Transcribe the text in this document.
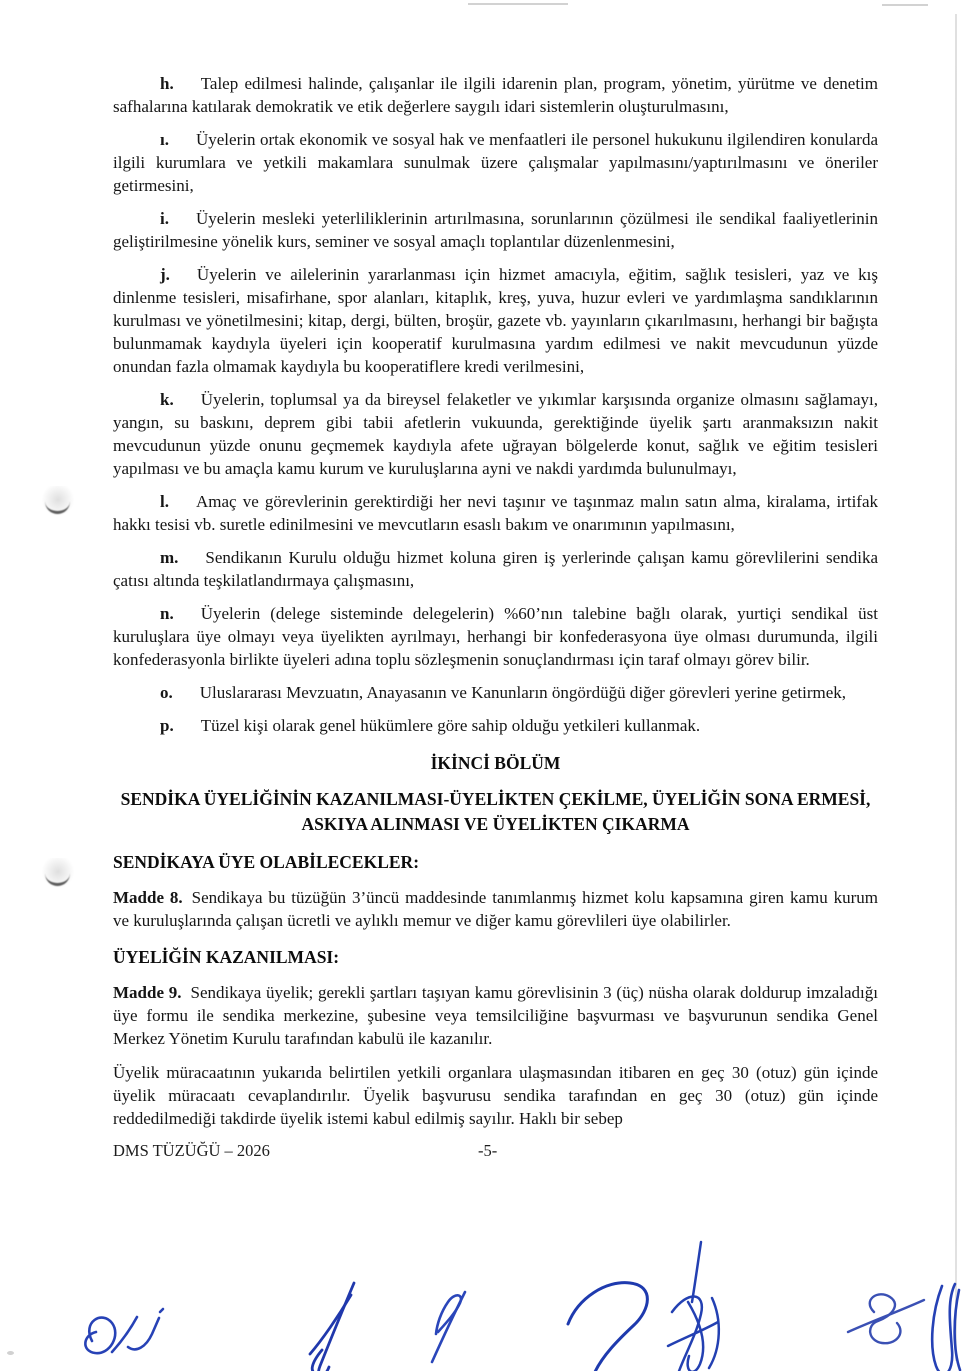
h. Talep edilmesi halinde, çalışanlar ile ilgili idarenin plan, program, yönetim, yürütme ve denetim safhalarına katılarak demokratik ve etik değerlere saygılı idari sistemlerin oluşturulmasını,

ı. Üyelerin ortak ekonomik ve sosyal hak ve menfaatleri ile personel hukukunu ilgilendiren konularda ilgili kurumlara ve yetkili makamlara sunulmak üzere çalışmalar yapılmasını/yaptırılmasını ve öneriler getirmesini,

i. Üyelerin mesleki yeterliliklerinin artırılmasına, sorunlarının çözülmesi ile sendikal faaliyetlerinin geliştirilmesine yönelik kurs, seminer ve sosyal amaçlı toplantılar düzenlenmesini,

j. Üyelerin ve ailelerinin yararlanması için hizmet amacıyla, eğitim, sağlık tesisleri, yaz ve kış dinlenme tesisleri, misafirhane, spor alanları, kitaplık, kreş, yuva, huzur evleri ve yardımlaşma sandıklarının kurulması ve yönetilmesini; kitap, dergi, bülten, broşür, gazete vb. yayınların çıkarılmasını, herhangi bir bağışta bulunmamak kaydıyla üyeleri için kooperatif kurulmasına yardım edilmesi ve nakit mevcudunun yüzde onundan fazla olmamak kaydıyla bu kooperatiflere kredi verilmesini,

k. Üyelerin, toplumsal ya da bireysel felaketler ve yıkımlar karşısında organize olmasını sağlamayı, yangın, su baskını, deprem gibi tabii afetlerin vukuunda, gerektiğinde üyelik şartı aranmaksızın nakit mevcudunun yüzde onunu geçmemek kaydıyla afete uğrayan bölgelerde konut, sağlık ve eğitim tesisleri yapılması ve bu amaçla kamu kurum ve kuruluşlarına ayni ve nakdi yardımda bulunulmayı,

l. Amaç ve görevlerinin gerektirdiği her nevi taşınır ve taşınmaz malın satın alma, kiralama, irtifak hakkı tesisi vb. suretle edinilmesini ve mevcutların esaslı bakım ve onarımının yapılmasını,

m. Sendikanın Kurulu olduğu hizmet koluna giren iş yerlerinde çalışan kamu görevlilerini sendika çatısı altında teşkilatlandırmaya çalışmasını,

n. Üyelerin (delege sisteminde delegelerin) %60’nın talebine bağlı olarak, yurtiçi sendikal üst kuruluşlara üye olmayı veya üyelikten ayrılmayı, herhangi bir konfederasyona üye olması durumunda, ilgili konfederasyonla birlikte üyeleri adına toplu sözleşmenin sonuçlandırması için taraf olmayı görev bilir.

o. Uluslararası Mevzuatın, Anayasanın ve Kanunların öngördüğü diğer görevleri yerine getirmek,

p. Tüzel kişi olarak genel hükümlere göre sahip olduğu yetkileri kullanmak.

İKİNCİ BÖLÜM
SENDİKA ÜYELİĞİNİN KAZANILMASI-ÜYELİKTEN ÇEKİLME, ÜYELİĞİN SONA ERMESİ, ASKIYA ALINMASI VE ÜYELİKTEN ÇIKARMA
SENDİKAYA ÜYE OLABİLECEKLER:

Madde 8. Sendikaya bu tüzüğün 3’üncü maddesinde tanımlanmış hizmet kolu kapsamına giren kamu kurum ve kuruluşlarında çalışan ücretli ve aylıklı memur ve diğer kamu görevlileri üye olabilirler.

ÜYELİĞİN KAZANILMASI:

Madde 9. Sendikaya üyelik; gerekli şartları taşıyan kamu görevlisinin 3 (üç) nüsha olarak doldurup imzaladığı üye formu ile sendika merkezine, şubesine veya temsilciliğine başvurması ve başvurunun sendika Genel Merkez Yönetim Kurulu tarafından kabulü ile kazanılır.

Üyelik müracaatının yukarıda belirtilen yetkili organlara ulaşmasından itibaren en geç 30 (otuz) gün içinde üyelik müracaatı cevaplandırılır. Üyelik başvurusu sendika tarafından en geç 30 (otuz) gün içinde reddedilmediği takdirde üyelik istemi kabul edilmiş sayılır. Haklı bir sebep

DMS TÜZÜĞÜ – 2026	-5-
